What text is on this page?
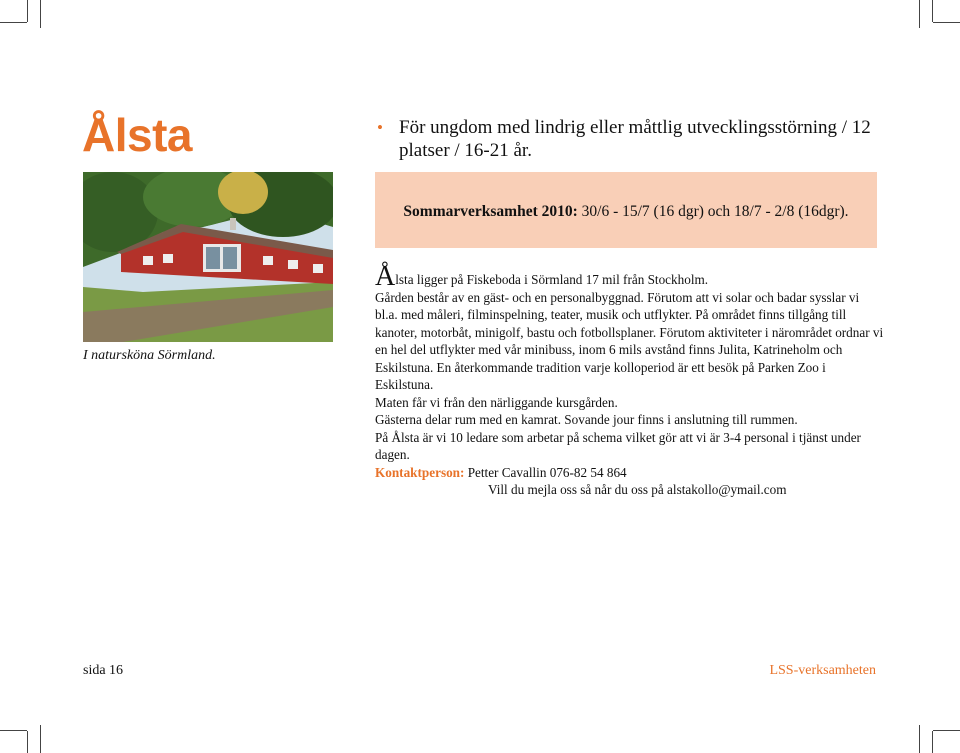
Ålsta
I natursköna Sörmland.
• För ungdom med lindrig eller måttlig utvecklingsstörning / 12 platser / 16-21 år.
Sommarverksamhet 2010: 30/6 - 15/7 (16 dgr) och 18/7 - 2/8 (16dgr).

Ålsta ligger på Fiskeboda i Sörmland 17 mil från Stockholm.

Gården består av en gäst- och en personalbyggnad. Förutom att vi solar och badar sysslar vi bl.a. med måleri, filminspelning, teater, musik och utflykter. På området finns tillgång till kanoter, motorbåt, minigolf, bastu och fotbollsplaner. Förutom aktiviteter i närområdet ordnar vi en hel del utflykter med vår minibuss, inom 6 mils avstånd finns Julita, Katrineholm och Eskilstuna. En återkommande tradition varje kolloperiod är ett besök på Parken Zoo i Eskilstuna.

Maten får vi från den närliggande kursgården.

Gästerna delar rum med en kamrat. Sovande jour finns i anslutning till rummen.

På Ålsta är vi 10 ledare som arbetar på schema vilket gör att vi är 3-4 personal i tjänst under dagen.

Kontaktperson: Petter Cavallin 076-82 54 864

Vill du mejla oss så når du oss på alstakollo@ymail.com

sida 16	LSS-verksamheten
